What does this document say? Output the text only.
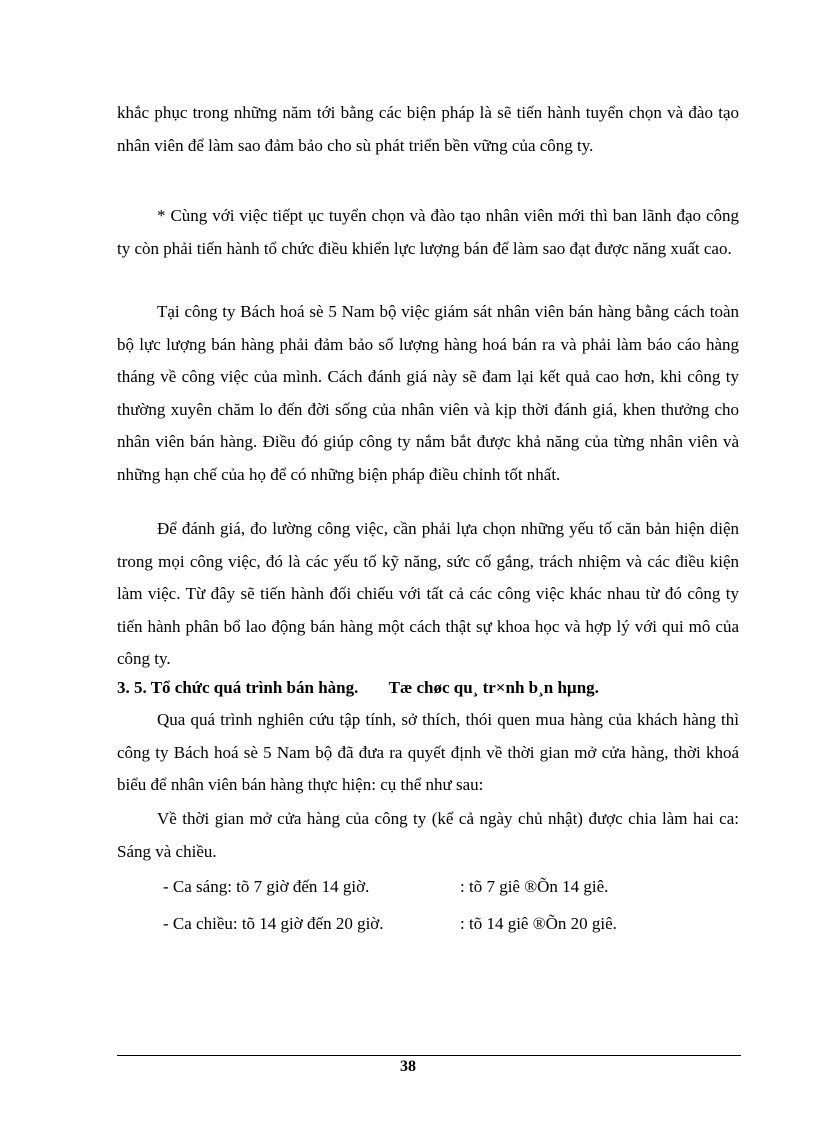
khắc phục trong những năm tới bằng các biện pháp là sẽ tiến hành tuyển chọn và đào tạo nhân viên để làm sao đảm bảo cho sù phát triển bền vững của công ty.

* Cùng với việc tiếpt ục tuyển chọn và đào tạo nhân viên mới thì ban lãnh đạo công ty còn phải tiến hành tổ chức điều khiển lực lượng bán để làm sao đạt được năng xuất cao.

Tại công ty Bách hoá sè 5 Nam bộ việc giám sát nhân viên bán hàng bằng cách toàn bộ lực lượng bán hàng phải đảm bảo số lượng hàng hoá bán ra và phải làm báo cáo hàng tháng về công việc của mình. Cách đánh giá này sẽ đam lại kết quả cao hơn, khi công ty thường xuyên chăm lo đến đời sống của nhân viên và kịp thời đánh giá, khen thưởng cho nhân viên bán hàng. Điều đó giúp công ty nắm bắt được khả năng của từng nhân viên và những hạn chế của họ để có những biện pháp điều chỉnh tốt nhất.

Để đánh giá, đo lường công việc, cần phải lựa chọn những yếu tố căn bản hiện diện trong mọi công việc, đó là các yếu tố kỹ năng, sức cố gắng, trách nhiệm và các điều kiện làm việc. Từ đây sẽ tiến hành đối chiếu với tất cả các công việc khác nhau từ đó công ty tiến hành phân bổ lao động bán hàng một cách thật sự khoa học và hợp lý với qui mô của công ty.

3. 5. Tổ chức quá trình bán hàng. Tæ chøc qu¸ tr×nh b¸n hµng.

Qua quá trình nghiên cứu tập tính, sở thích, thói quen mua hàng của khách hàng thì công ty Bách hoá sè 5 Nam bộ đã đưa ra quyết định về thời gian mở cửa hàng, thời khoá biểu để nhân viên bán hàng thực hiện: cụ thể như sau:

Về thời gian mở cửa hàng của công ty (kể cả ngày chủ nhật) được chia làm hai ca: Sáng và chiều.

- Ca sáng: tõ 7 giờ đến 14 giờ.	: tõ 7 giê ®Õn 14 giê.
- Ca chiều: tõ 14 giờ đến 20 giờ.	: tõ 14 giê ®Õn 20 giê.
38
